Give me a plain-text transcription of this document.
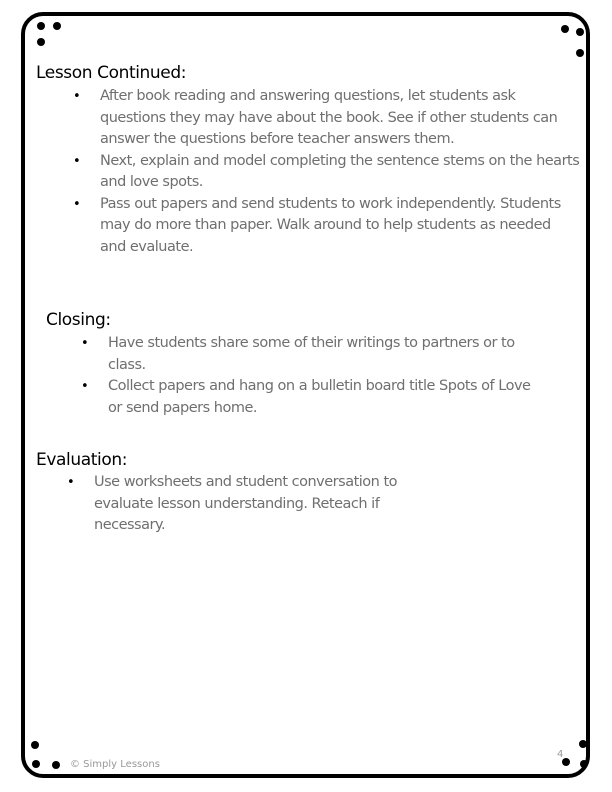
Lesson Continued:
• After book reading and answering questions, let students ask questions they may have about the book. See if other students can answer the questions before teacher answers them.
• Next, explain and model completing the sentence stems on the hearts and love spots.
• Pass out papers and send students to work independently. Students may do more than paper. Walk around to help students as needed and evaluate.
Closing:
• Have students share some of their writings to partners or to class.
• Collect papers and hang on a bulletin board title Spots of Love or send papers home.
Evaluation:
• Use worksheets and student conversation to evaluate lesson understanding. Reteach if necessary.
© Simply Lessons
4
